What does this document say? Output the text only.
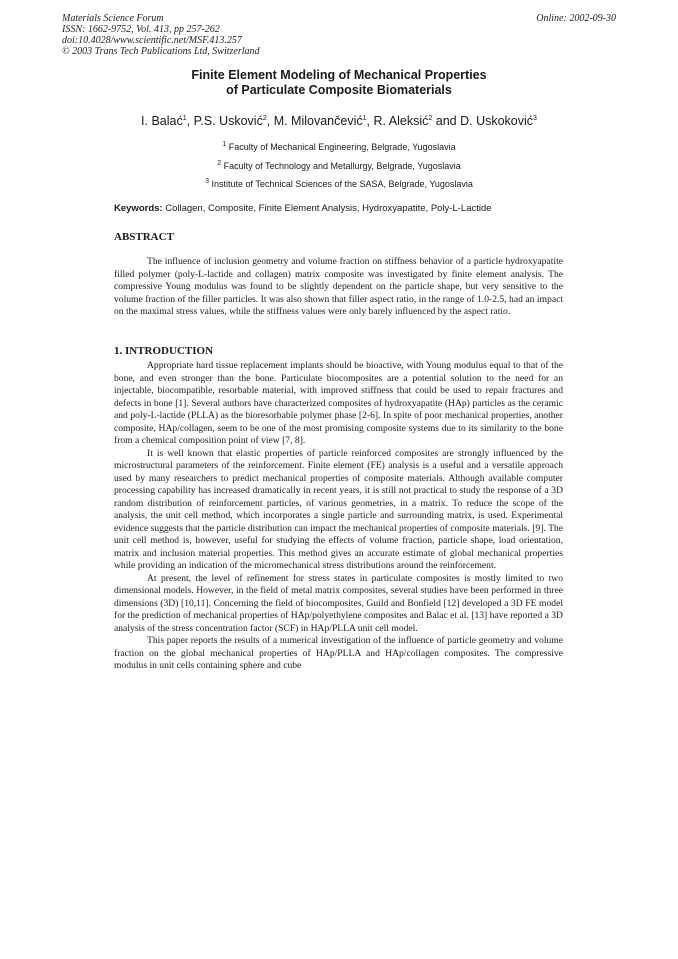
Materials Science Forum
ISSN: 1662-9752, Vol. 413, pp 257-262
doi:10.4028/www.scientific.net/MSF.413.257
© 2003 Trans Tech Publications Ltd, Switzerland
Online: 2002-09-30
Finite Element Modeling of Mechanical Properties
of Particulate Composite Biomaterials
I. Balać$^1$, P.S. Usković$^2$, M. Milovančević$^1$, R. Aleksić$^2$ and D. Uskoković$^3$
$^1$ Faculty of Mechanical Engineering, Belgrade, Yugoslavia
$^2$ Faculty of Technology and Metallurgy, Belgrade, Yugoslavia
$^3$ Institute of Technical Sciences of the SASA, Belgrade, Yugoslavia
Keywords: Collagen, Composite, Finite Element Analysis, Hydroxyapatite, Poly-L-Lactide
ABSTRACT

The influence of inclusion geometry and volume fraction on stiffness behavior of a particle hydroxyapatite filled polymer (poly-L-lactide and collagen) matrix composite was investigated by finite element analysis. The compressive Young modulus was found to be slightly dependent on the particle shape, but very sensitive to the volume fraction of the filler particles. It was also shown that filler aspect ratio, in the range of 1.0-2.5, had an impact on the maximal stress values, while the stiffness values were only barely influenced by the aspect ratio.

1. INTRODUCTION

Appropriate hard tissue replacement implants should be bioactive, with Young modulus equal to that of the bone, and even stronger than the bone. Particulate biocomposites are a potential solution to the need for an injectable, biocompatible, resorbable material, with improved stiffness that could be used to repair fractures and defects in bone [1]. Several authors have characterized composites of hydroxyapatite (HAp) particles as the ceramic and poly-L-lactide (PLLA) as the bioresorbable polymer phase [2-6]. In spite of poor mechanical properties, another composite, HAp/collagen, seem to be one of the most promising composite systems due to its similarity to the bone from a chemical composition point of view [7, 8].

It is well known that elastic properties of particle reinforced composites are strongly influenced by the microstructural parameters of the reinforcement. Finite element (FE) analysis is a useful and a versatile approach used by many researchers to predict mechanical properties of composite materials. Although available computer processing capability has increased dramatically in recent years, it is still not practical to study the response of a 3D random distribution of reinforcement particles, of various geometries, in a matrix. To reduce the scope of the analysis, the unit cell method, which incorporates a single particle and surrounding matrix, is used. Experimental evidence suggests that the particle distribution can impact the mechanical properties of composite materials. [9]. The unit cell method is, however, useful for studying the effects of volume fraction, particle shape, load orientation, matrix and inclusion material properties. This method gives an accurate estimate of global mechanical properties while providing an indication of the micromechanical stress distributions around the reinforcement.

At present, the level of refinement for stress states in particulate composites is mostly limited to two dimensional models. However, in the field of metal matrix composites, several studies have been performed in three dimensions (3D) [10,11]. Concerning the field of biocomposites, Guild and Bonfield [12] developed a 3D FE model for the prediction of mechanical properties of HAp/polyethylene composites and Balac et al. [13] have reported a 3D analysis of the stress concentration factor (SCF) in HAp/PLLA unit cell model.

This paper reports the results of a numerical investigation of the influence of particle geometry and volume fraction on the global mechanical properties of HAp/PLLA and HAp/collagen composites. The compressive modulus in unit cells containing sphere and cube
